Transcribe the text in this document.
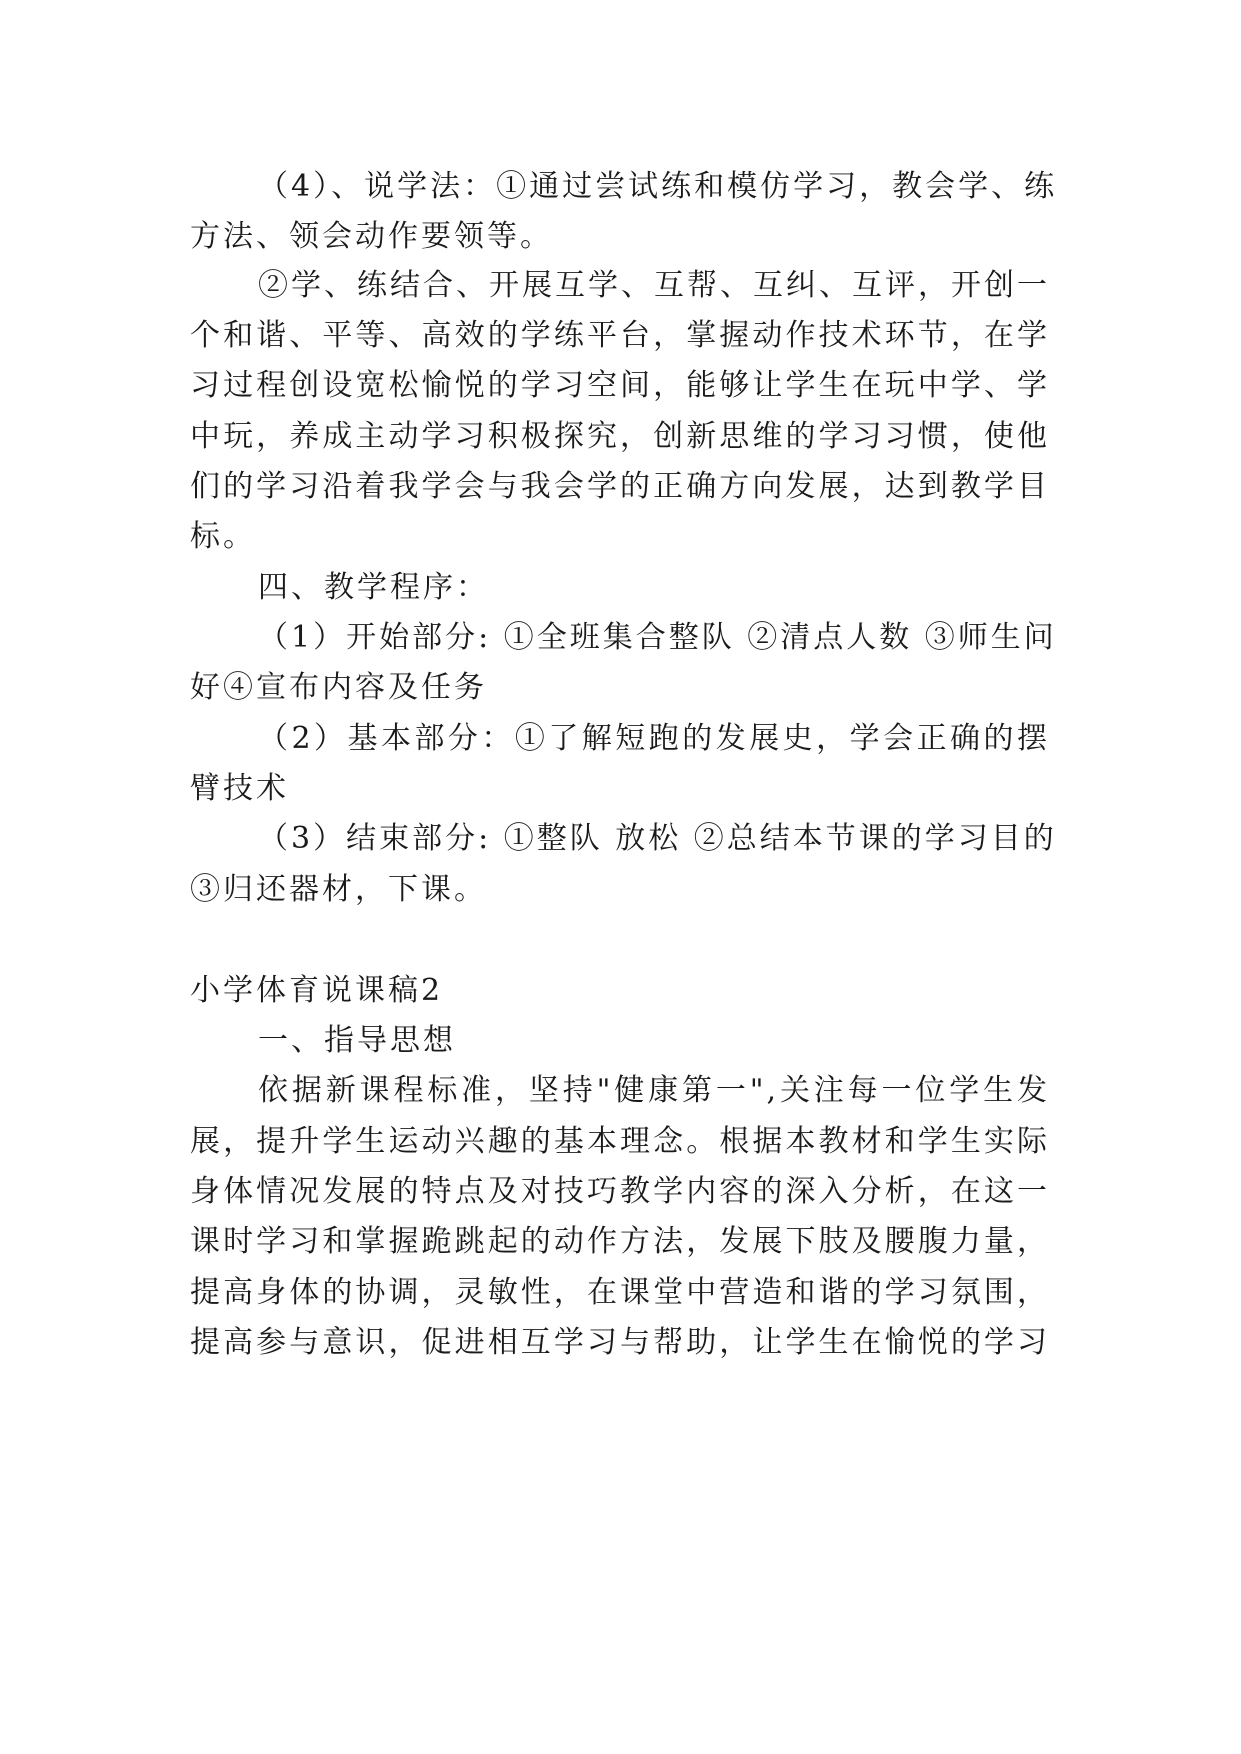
（4）、说学法：①通过尝试练和模仿学习，教会学、练
方法、领会动作要领等。
②学、练结合、开展互学、互帮、互纠、互评，开创一
个和谐、平等、高效的学练平台，掌握动作技术环节，在学
习过程创设宽松愉悦的学习空间，能够让学生在玩中学、学
中玩，养成主动学习积极探究，创新思维的学习习惯，使他
们的学习沿着我学会与我会学的正确方向发展，达到教学目
标。
四、教学程序：
（1）开始部分: ①全班集合整队 ②清点人数 ③师生问
好④宣布内容及任务
（2）基本部分：①了解短跑的发展史，学会正确的摆
臂技术
（3）结束部分: ①整队 放松 ②总结本节课的学习目的
③归还器材，下课。
小学体育说课稿2
一、指导思想
依据新课程标准，坚持"健康第一",关注每一位学生发
展，提升学生运动兴趣的基本理念。根据本教材和学生实际
身体情况发展的特点及对技巧教学内容的深入分析，在这一
课时学习和掌握跪跳起的动作方法，发展下肢及腰腹力量，
提高身体的协调，灵敏性，在课堂中营造和谐的学习氛围，
提高参与意识，促进相互学习与帮助，让学生在愉悦的学习
